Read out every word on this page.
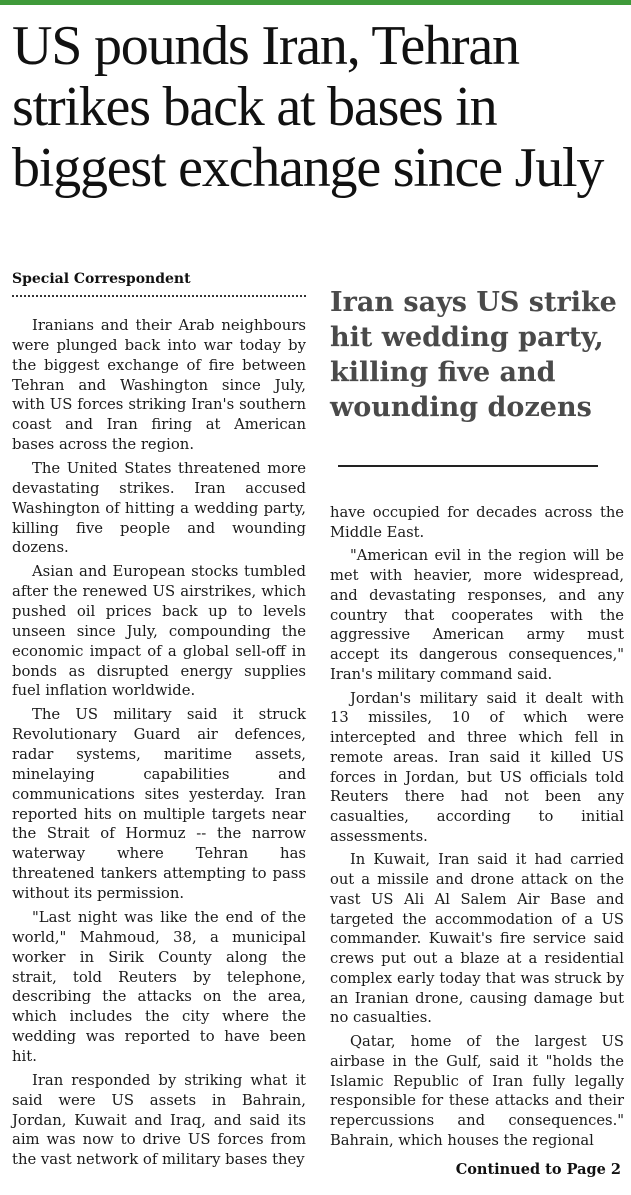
US pounds Iran, Tehran strikes back at bases in biggest exchange since July
Special Correspondent

Iranians and their Arab neighbours were plunged back into war today by the biggest exchange of fire between Tehran and Washington since July, with US forces striking Iran's southern coast and Iran firing at American bases across the region.

The United States threatened more devastating strikes. Iran accused Washington of hitting a wedding party, killing five people and wounding dozens.

Asian and European stocks tumbled after the renewed US airstrikes, which pushed oil prices back up to levels unseen since July, compounding the economic impact of a global sell-off in bonds as disrupted energy supplies fuel inflation worldwide.

The US military said it struck Revolutionary Guard air defences, radar systems, maritime assets, minelaying capabilities and communications sites yesterday. Iran reported hits on multiple targets near the Strait of Hormuz -- the narrow waterway where Tehran has threatened tankers attempting to pass without its permission.

"Last night was like the end of the world," Mahmoud, 38, a municipal worker in Sirik County along the strait, told Reuters by telephone, describing the attacks on the area, which includes the city where the wedding was reported to have been hit.

Iran responded by striking what it said were US assets in Bahrain, Jordan, Kuwait and Iraq, and said its aim was now to drive US forces from the vast network of military bases they

Iran says US strike hit wedding party, killing five and wounding dozens

have occupied for decades across the Middle East.

"American evil in the region will be met with heavier, more widespread, and devastating responses, and any country that cooperates with the aggressive American army must accept its dangerous consequences," Iran's military command said.

Jordan's military said it dealt with 13 missiles, 10 of which were intercepted and three which fell in remote areas. Iran said it killed US forces in Jordan, but US officials told Reuters there had not been any casualties, according to initial assessments.

In Kuwait, Iran said it had carried out a missile and drone attack on the vast US Ali Al Salem Air Base and targeted the accommodation of a US commander. Kuwait's fire service said crews put out a blaze at a residential complex early today that was struck by an Iranian drone, causing damage but no casualties.

Qatar, home of the largest US airbase in the Gulf, said it "holds the Islamic Republic of Iran fully legally responsible for these attacks and their repercussions and consequences." Bahrain, which houses the regional

Continued to Page 2
